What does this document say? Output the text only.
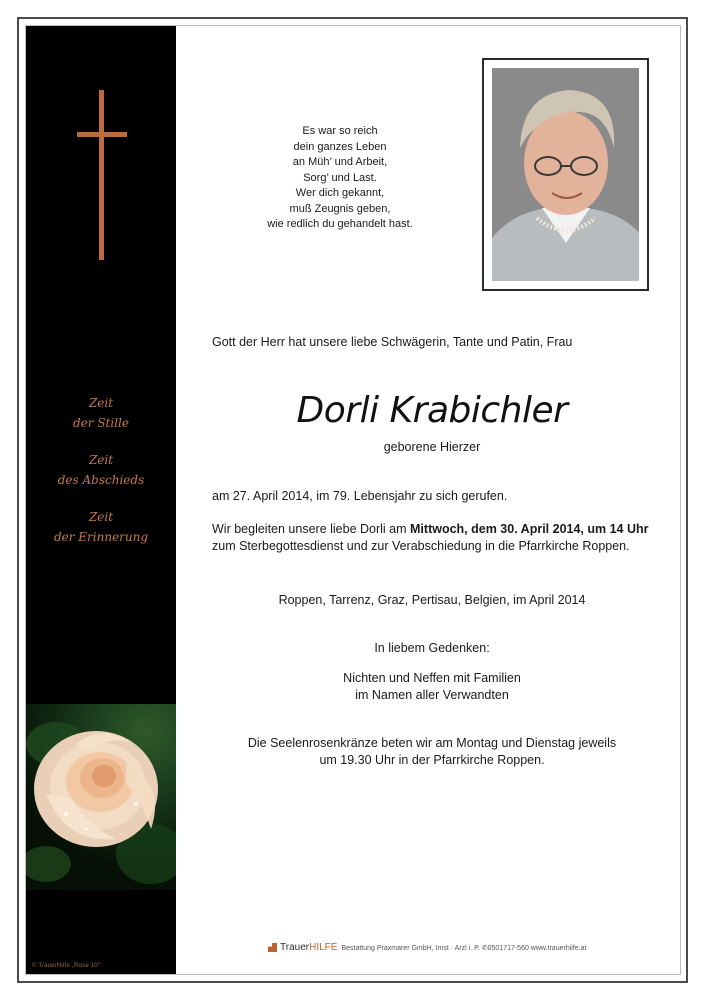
Zeit
der Stille
Zeit
des Abschieds
Zeit
der Erinnerung
© TrauerHilfe „Rose 10“
Es war so reich
dein ganzes Leben
an Müh’ und Arbeit,
Sorg’ und Last.
Wer dich gekannt,
muß Zeugnis geben,
wie redlich du gehandelt hast.
Gott der Herr hat unsere liebe Schwägerin, Tante und Patin, Frau
Dorli Krabichler
geborene Hierzer
am 27. April 2014, im 79. Lebensjahr zu sich gerufen.
Wir begleiten unsere liebe Dorli am Mittwoch, dem 30. April 2014, um 14 Uhr zum Sterbegottesdienst und zur Verabschiedung in die Pfarrkirche Roppen.
Roppen, Tarrenz, Graz, Pertisau, Belgien, im April 2014
In liebem Gedenken:
Nichten und Neffen mit Familien
im Namen aller Verwandten
Die Seelenrosenkränze beten wir am Montag und Dienstag jeweils
um 19.30 Uhr in der Pfarrkirche Roppen.
TrauerHILFE Bestattung Praxmarer GmbH, Imst · Arzl i. P. ✆0501717-560 www.trauerhilfe.at
